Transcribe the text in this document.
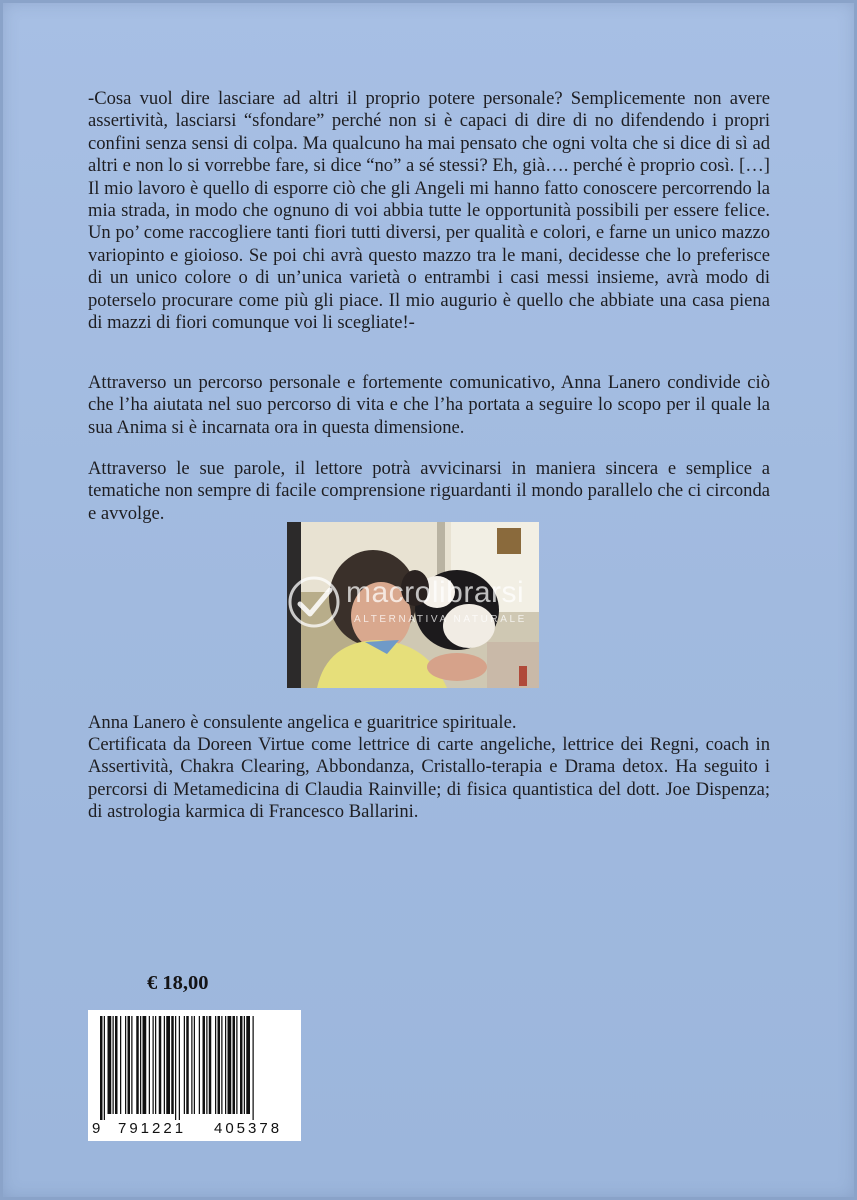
-Cosa vuol dire lasciare ad altri il proprio potere personale? Semplicemente non avere assertività, lasciarsi “sfondare” perché non si è capaci di dire di no difendendo i propri confini senza sensi di colpa. Ma qualcuno ha mai pensato che ogni volta che si dice di sì ad altri e non lo si vorrebbe fare, si dice “no” a sé stessi? Eh, già…. perché è proprio così. […] Il mio lavoro è quello di esporre ciò che gli Angeli mi hanno fatto conoscere percorrendo la mia strada, in modo che ognuno di voi abbia tutte le opportunità possibili per essere felice. Un po’ come raccogliere tanti fiori tutti diversi, per qualità e colori, e farne un unico mazzo variopinto e gioioso. Se poi chi avrà questo mazzo tra le mani, decidesse che lo preferisce di un unico colore o di un’unica varietà o entrambi i casi messi insieme, avrà modo di poterselo procurare come più gli piace. Il mio augurio è quello che abbiate una casa piena di mazzi di fiori comunque voi li scegliate!-

Attraverso un percorso personale e fortemente comunicativo, Anna Lanero condivide ciò che l’ha aiutata nel suo percorso di vita e che l’ha portata a seguire lo scopo per il quale la sua Anima si è incarnata ora in questa dimensione.

Attraverso le sue parole, il lettore potrà avvicinarsi in maniera sincera e semplice a tematiche non sempre di facile comprensione riguardanti il mondo parallelo che ci circonda e avvolge.

macrolibrarsi
ALTERNATIVA NATURALE

Anna Lanero è consulente angelica e guaritrice spirituale.

Certificata da Doreen Virtue come lettrice di carte angeliche, lettrice dei Regni, coach in Assertività, Chakra Clearing, Abbondanza, Cristallo-terapia e Drama detox. Ha seguito i percorsi di Metamedicina di Claudia Rainville; di fisica quantistica del dott. Joe Dispenza; di astrologia karmica di Francesco Ballarini.

€ 18,00
9 791221 405378
